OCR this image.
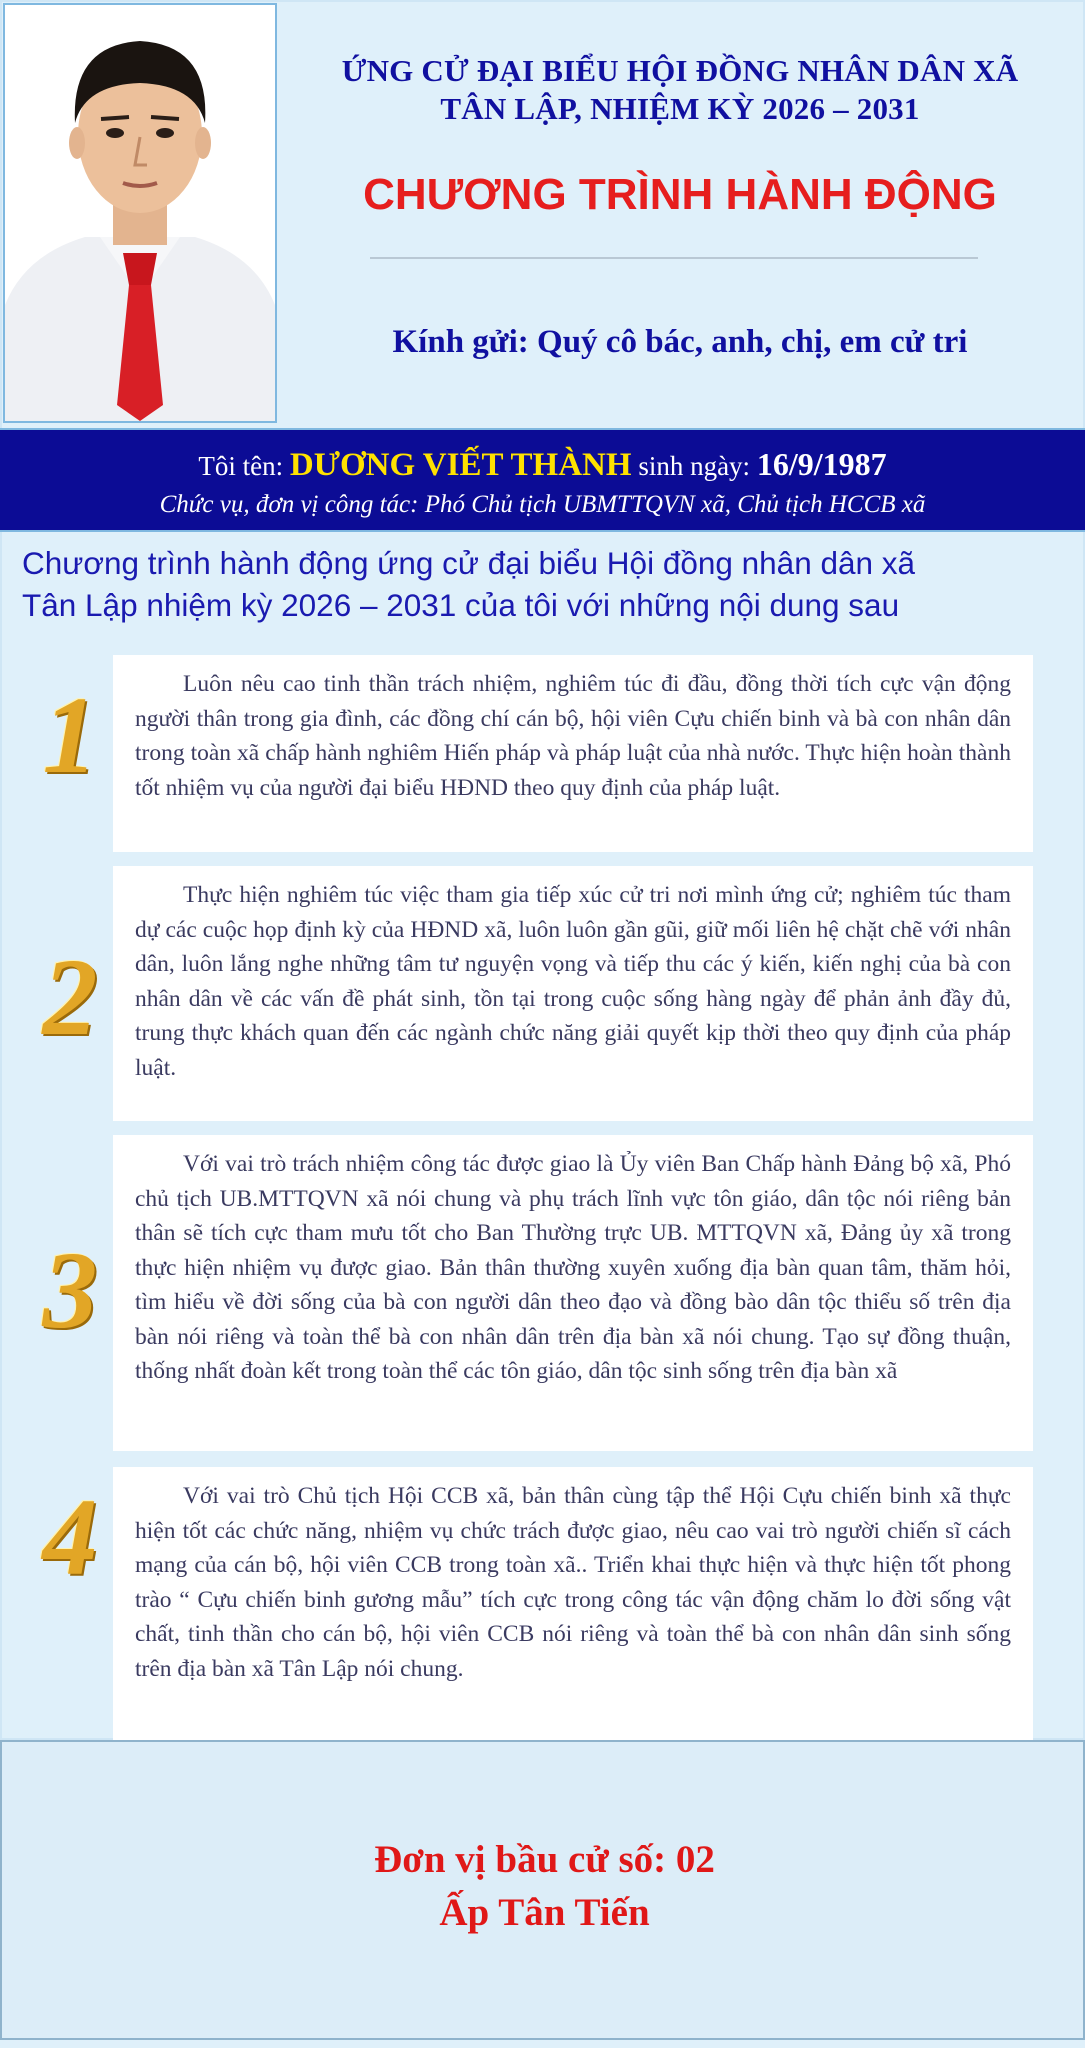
ỨNG CỬ ĐẠI BIỂU HỘI ĐỒNG NHÂN DÂN XÃ
TÂN LẬP, NHIỆM KỲ 2026 – 2031
CHƯƠNG TRÌNH HÀNH ĐỘNG
Kính gửi: Quý cô bác, anh, chị, em cử tri
Tôi tên: DƯƠNG VIẾT THÀNH sinh ngày: 16/9/1987
Chức vụ, đơn vị công tác: Phó Chủ tịch UBMTTQVN xã, Chủ tịch HCCB xã
Chương trình hành động ứng cử đại biểu Hội đồng nhân dân xã
Tân Lập nhiệm kỳ 2026 – 2031 của tôi với những nội dung sau
1	Luôn nêu cao tinh thần trách nhiệm, nghiêm túc đi đầu, đồng thời tích cực vận động người thân trong gia đình, các đồng chí cán bộ, hội viên Cựu chiến binh và bà con nhân dân trong toàn xã chấp hành nghiêm Hiến pháp và pháp luật của nhà nước. Thực hiện hoàn thành tốt nhiệm vụ của người đại biểu HĐND theo quy định của pháp luật.
2
Thực hiện nghiêm túc việc tham gia tiếp xúc cử tri nơi mình ứng cử; nghiêm túc tham dự các cuộc họp định kỳ của HĐND xã, luôn luôn gần gũi, giữ mối liên hệ chặt chẽ với nhân dân, luôn lắng nghe những tâm tư nguyện vọng và tiếp thu các ý kiến, kiến nghị của bà con nhân dân về các vấn đề phát sinh, tồn tại trong cuộc sống hàng ngày để phản ảnh đầy đủ, trung thực khách quan đến các ngành chức năng giải quyết kịp thời theo quy định của pháp luật.
3
Với vai trò trách nhiệm công tác được giao là Ủy viên Ban Chấp hành Đảng bộ xã, Phó chủ tịch UB.MTTQVN xã nói chung và phụ trách lĩnh vực tôn giáo, dân tộc nói riêng bản thân sẽ tích cực tham mưu tốt cho Ban Thường trực UB. MTTQVN xã, Đảng ủy xã trong thực hiện nhiệm vụ được giao. Bản thân thường xuyên xuống địa bàn quan tâm, thăm hỏi, tìm hiểu về đời sống của bà con người dân theo đạo và đồng bào dân tộc thiểu số trên địa bàn nói riêng và toàn thể bà con nhân dân trên địa bàn xã nói chung. Tạo sự đồng thuận, thống nhất đoàn kết trong toàn thể các tôn giáo, dân tộc sinh sống trên địa bàn xã
4	Với vai trò Chủ tịch Hội CCB xã, bản thân cùng tập thể Hội Cựu chiến binh xã thực hiện tốt các chức năng, nhiệm vụ chức trách được giao, nêu cao vai trò người chiến sĩ cách mạng của cán bộ, hội viên CCB trong toàn xã.. Triển khai thực hiện và thực hiện tốt phong trào “ Cựu chiến binh gương mẫu” tích cực trong công tác vận động chăm lo đời sống vật chất, tinh thần cho cán bộ, hội viên CCB nói riêng và toàn thể bà con nhân dân sinh sống trên địa bàn xã Tân Lập nói chung.
Đơn vị bầu cử số: 02
Ấp Tân Tiến
